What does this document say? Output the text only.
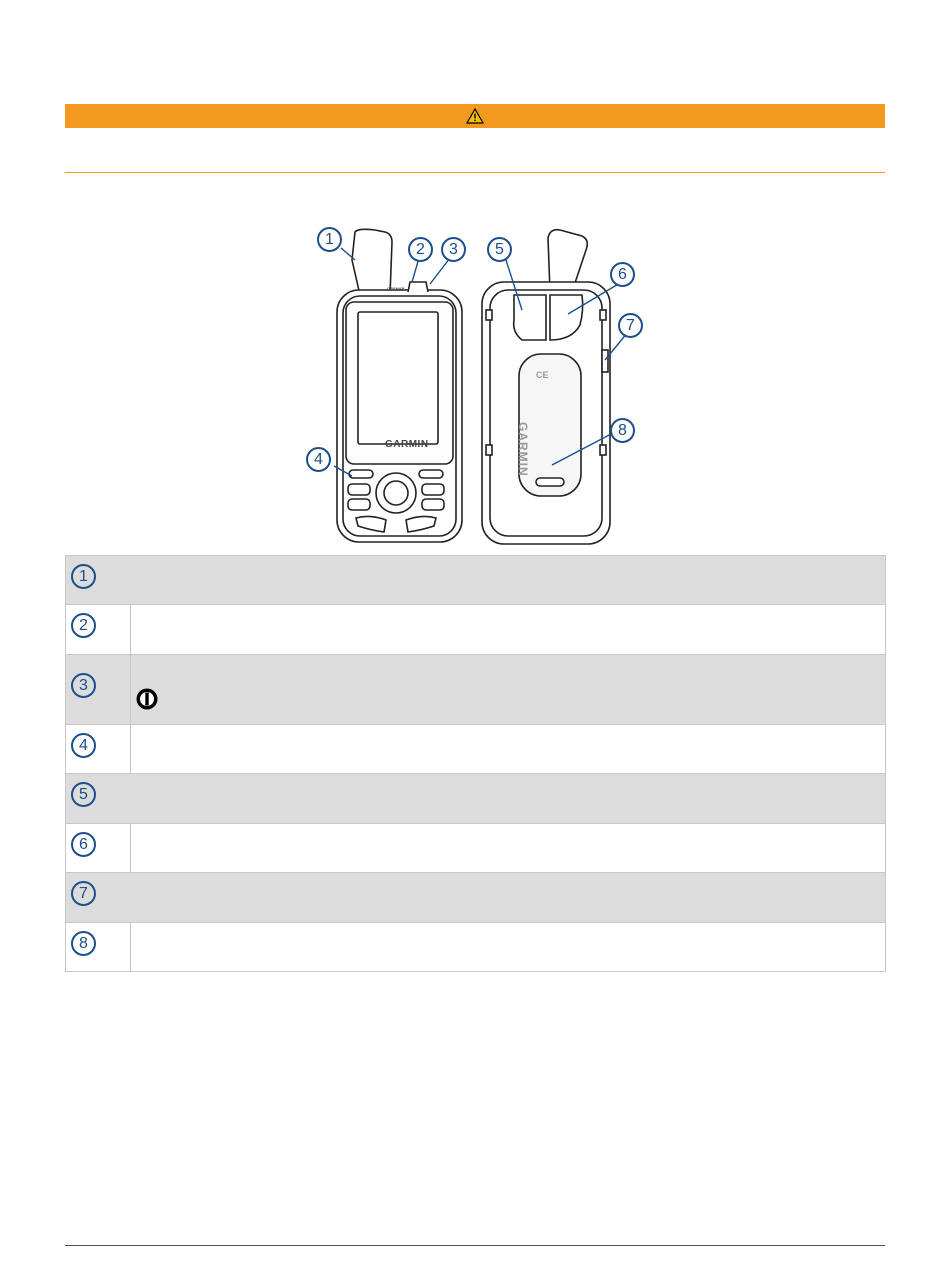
GARMIN
GPSMAP
CE
GARMIN
1
2	3
4
5
6
7
8
1	

2	

3

4	

5	

6	

7	

8	
